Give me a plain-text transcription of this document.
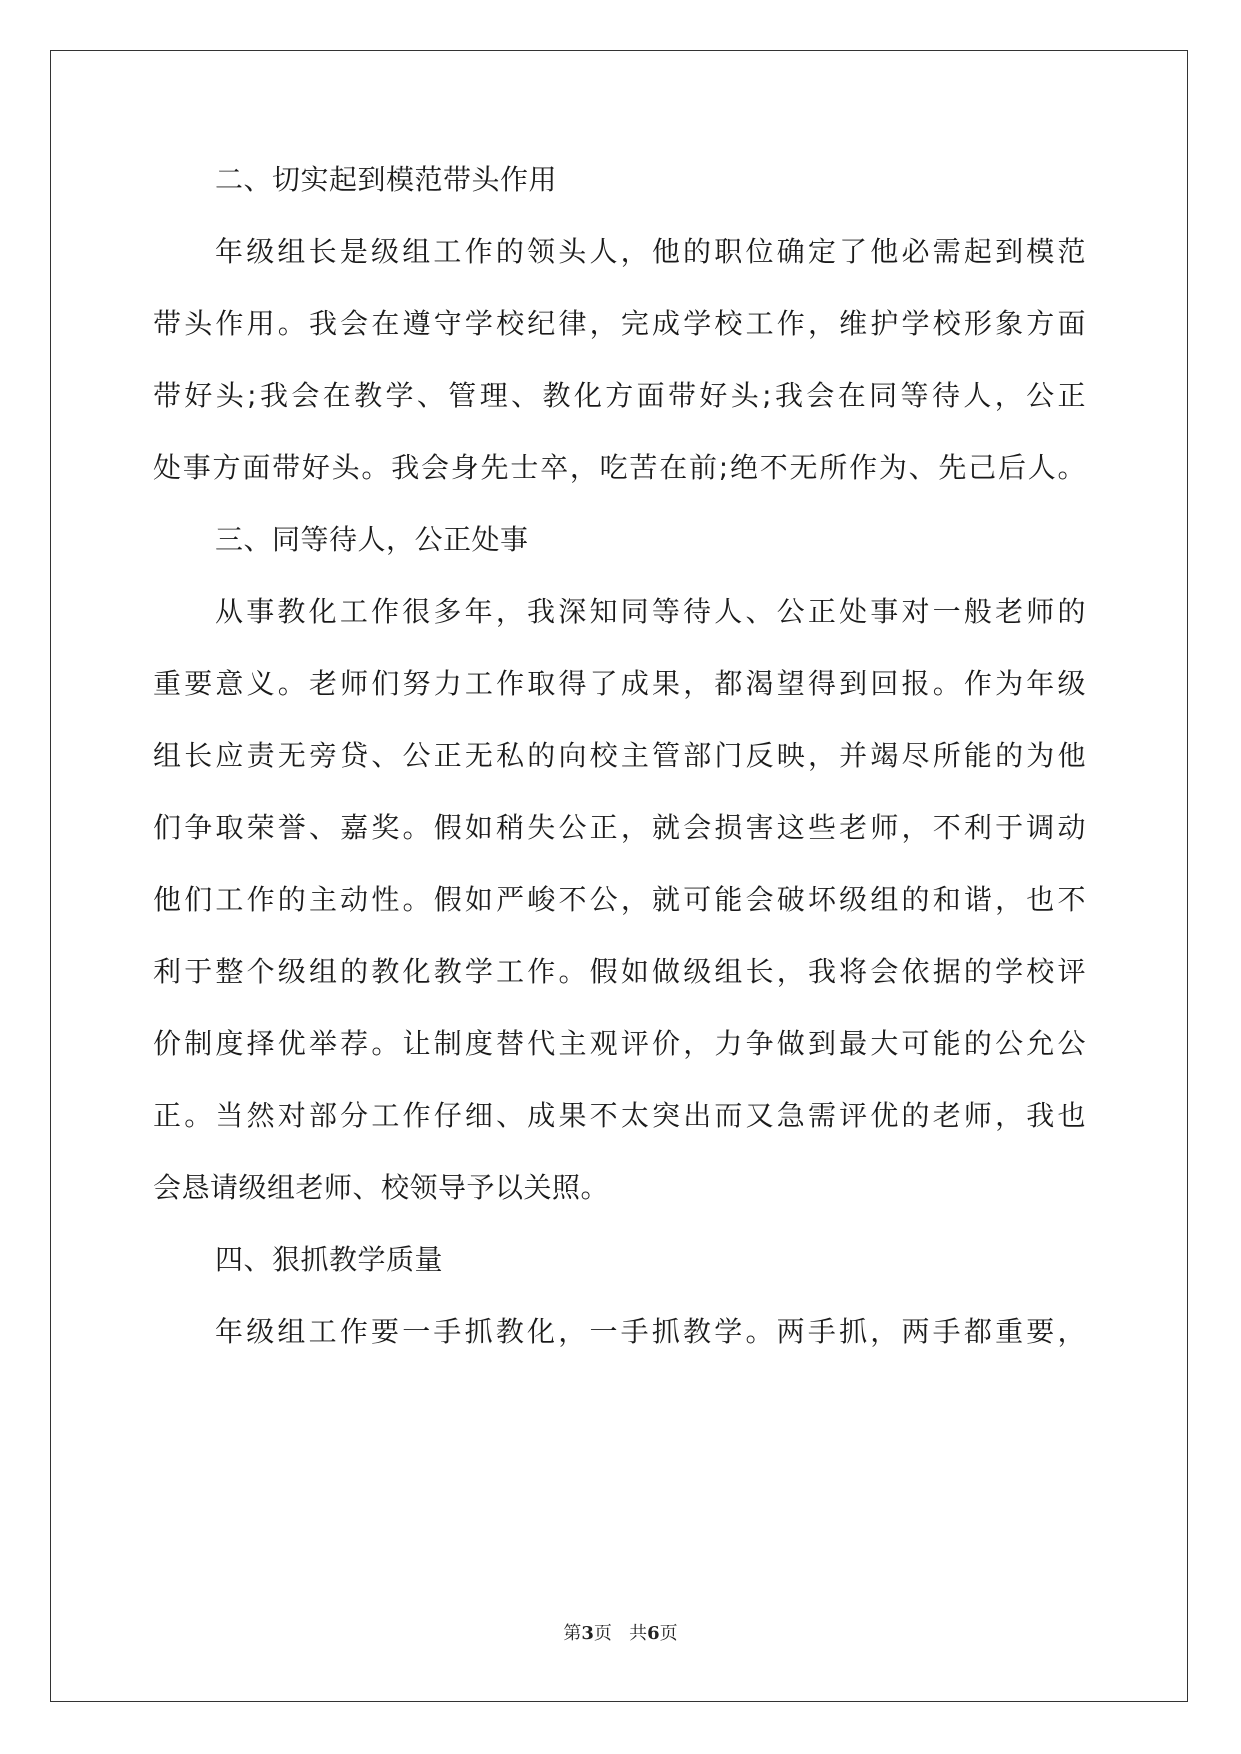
二、切实起到模范带头作用
年级组长是级组工作的领头人，他的职位确定了他必需起到模范
带头作用。我会在遵守学校纪律，完成学校工作，维护学校形象方面
带好头;我会在教学、管理、教化方面带好头;我会在同等待人，公正
处事方面带好头。我会身先士卒，吃苦在前;绝不无所作为、先己后人。
三、同等待人，公正处事
从事教化工作很多年，我深知同等待人、公正处事对一般老师的
重要意义。老师们努力工作取得了成果，都渴望得到回报。作为年级
组长应责无旁贷、公正无私的向校主管部门反映，并竭尽所能的为他
们争取荣誉、嘉奖。假如稍失公正，就会损害这些老师，不利于调动
他们工作的主动性。假如严峻不公，就可能会破坏级组的和谐，也不
利于整个级组的教化教学工作。假如做级组长，我将会依据的学校评
价制度择优举荐。让制度替代主观评价，力争做到最大可能的公允公
正。当然对部分工作仔细、成果不太突出而又急需评优的老师，我也
会恳请级组老师、校领导予以关照。
四、狠抓教学质量
年级组工作要一手抓教化，一手抓教学。两手抓，两手都重要，
第3页 共6页
